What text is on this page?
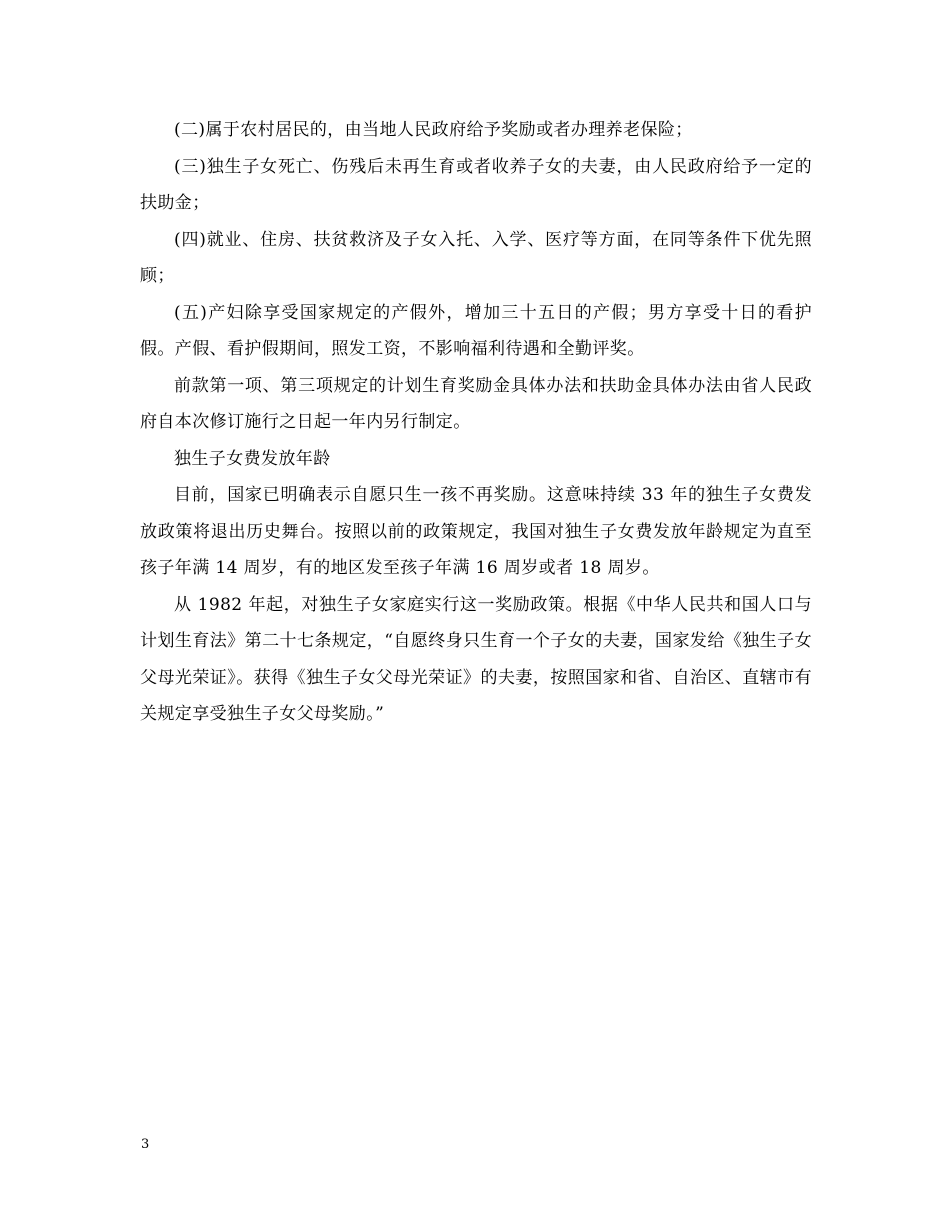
(二)属于农村居民的，由当地人民政府给予奖励或者办理养老保险；

(三)独生子女死亡、伤残后未再生育或者收养子女的夫妻，由人民政府给予一定的扶助金；

(四)就业、住房、扶贫救济及子女入托、入学、医疗等方面，在同等条件下优先照顾；

(五)产妇除享受国家规定的产假外，增加三十五日的产假；男方享受十日的看护假。产假、看护假期间，照发工资，不影响福利待遇和全勤评奖。

前款第一项、第三项规定的计划生育奖励金具体办法和扶助金具体办法由省人民政府自本次修订施行之日起一年内另行制定。

独生子女费发放年龄

目前，国家已明确表示自愿只生一孩不再奖励。这意味持续 33 年的独生子女费发放政策将退出历史舞台。按照以前的政策规定，我国对独生子女费发放年龄规定为直至孩子年满 14 周岁，有的地区发至孩子年满 16 周岁或者 18 周岁。

从 1982 年起，对独生子女家庭实行这一奖励政策。根据《中华人民共和国人口与计划生育法》第二十七条规定，“自愿终身只生育一个子女的夫妻，国家发给《独生子女父母光荣证》。获得《独生子女父母光荣证》的夫妻，按照国家和省、自治区、直辖市有关规定享受独生子女父母奖励。”

3
